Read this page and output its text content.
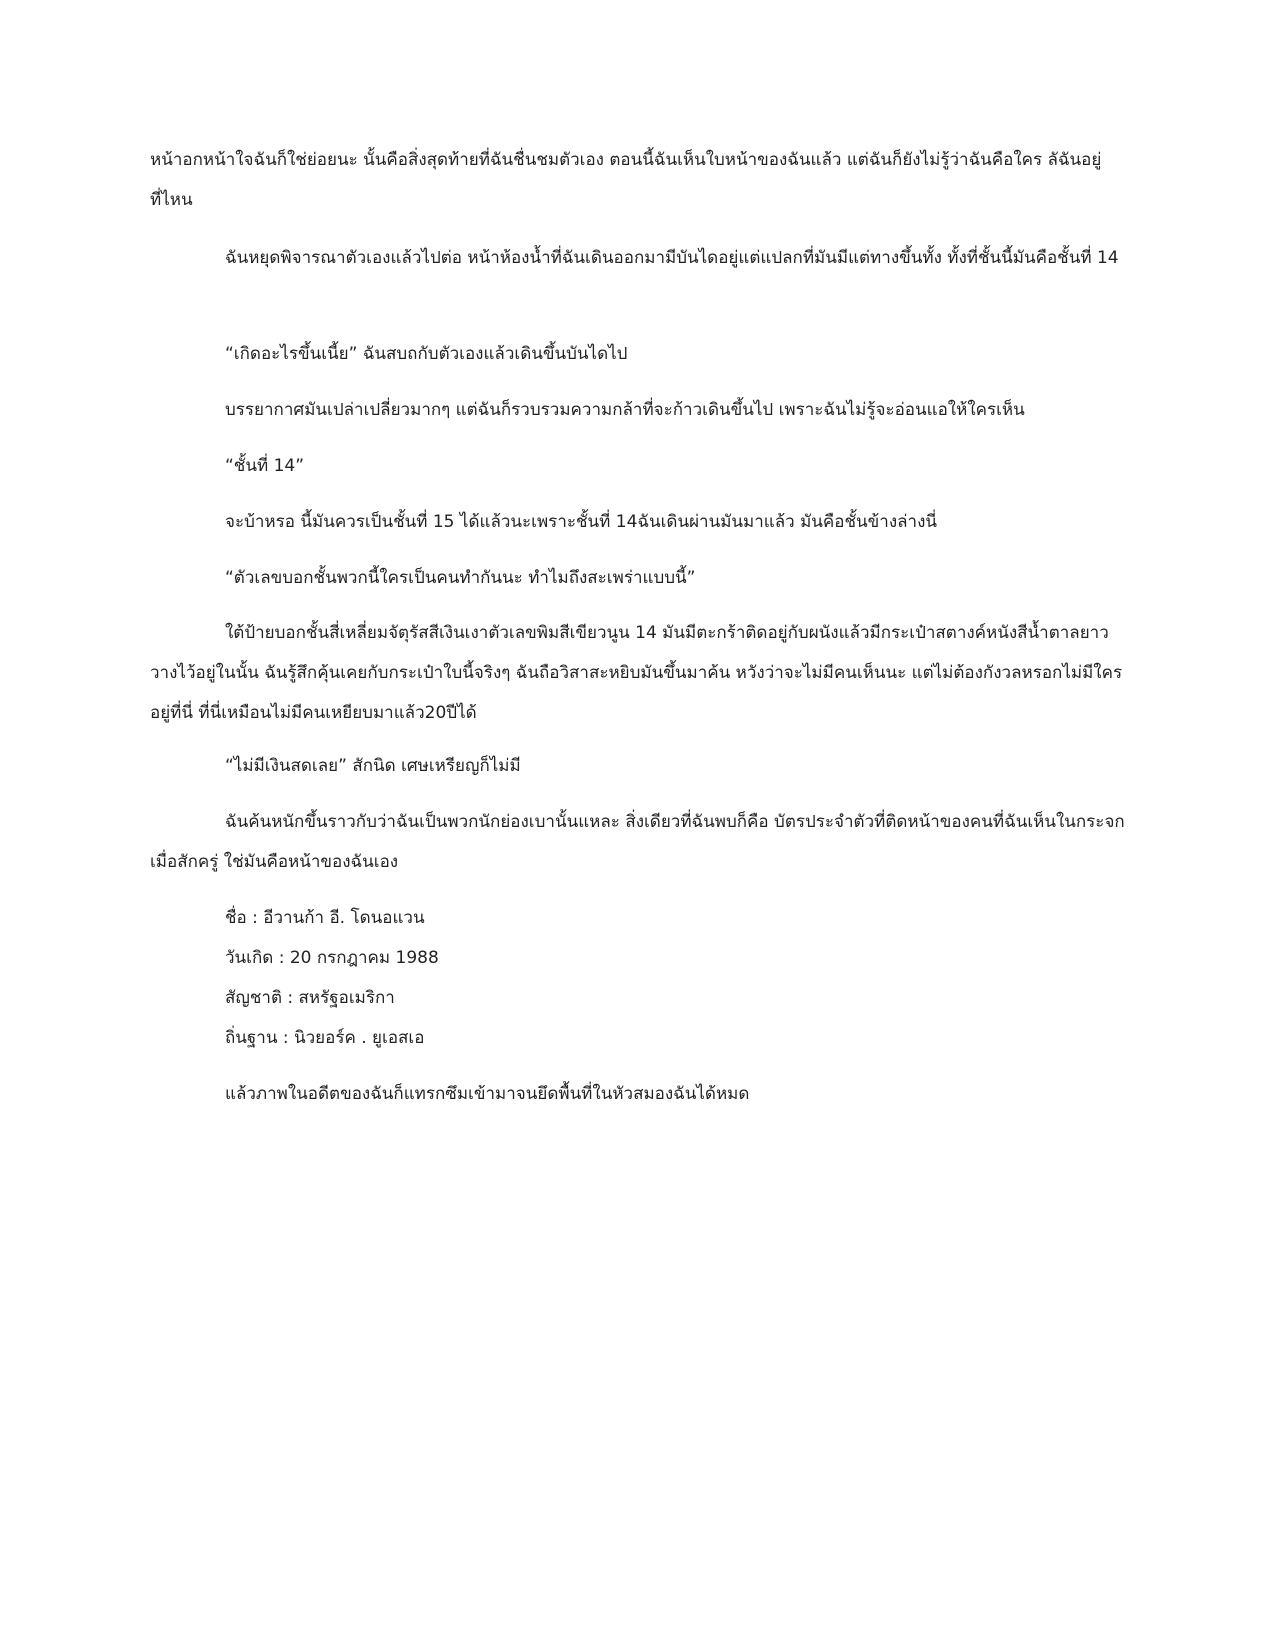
หน้าอกหน้าใจฉันก็ใช่ย่อยนะ นั้นคือสิ่งสุดท้ายที่ฉันชื่นชมตัวเอง ตอนนี้ฉันเห็นใบหน้าของฉันแล้ว แต่ฉันก็ยังไม่รู้ว่าฉันคือใคร ลัฉันอยู่ที่ไหน

ฉันหยุดพิจารณาตัวเองแล้วไปต่อ หน้าห้องน้ำที่ฉันเดินออกมามีบันไดอยู่แต่แปลกที่มันมีแต่ทางขึ้นทั้ง ทั้งที่ชั้นนี้มันคือชั้นที่ 14

“เกิดอะไรขึ้นเนี้ย” ฉันสบถกับตัวเองแล้วเดินขึ้นบันไดไป

บรรยากาศมันเปล่าเปลี่ยวมากๆ แต่ฉันก็รวบรวมความกล้าที่จะก้าวเดินขึ้นไป เพราะฉันไม่รู้จะอ่อนแอให้ใครเห็น

“ชั้นที่ 14”

จะบ้าหรอ นี้มันควรเป็นชั้นที่ 15 ได้แล้วนะเพราะชั้นที่ 14ฉันเดินผ่านมันมาแล้ว มันคือชั้นข้างล่างนี่

“ตัวเลขบอกชั้นพวกนี้ใครเป็นคนทำกันนะ ทำไมถึงสะเพร่าแบบนี้”

ใต้ป้ายบอกชั้นสี่เหลี่ยมจัตุรัสสีเงินเงาตัวเลขพิมสีเขียวนูน 14 มันมีตะกร้าติดอยู่กับผนังแล้วมีกระเป๋าสตางค์หนังสีน้ำตาลยาววางไว้อยู่ในนั้น ฉันรู้สึกคุ้นเคยกับกระเป๋าใบนี้จริงๆ ฉันถือวิสาสะหยิบมันขึ้นมาค้น หวังว่าจะไม่มีคนเห็นนะ แต่ไม่ต้องกังวลหรอกไม่มีใครอยู่ที่นี่ ที่นี่เหมือนไม่มีคนเหยียบมาแล้ว20ปีได้

“ไม่มีเงินสดเลย” สักนิด เศษเหรียญก็ไม่มี

ฉันค้นหนักขึ้นราวกับว่าฉันเป็นพวกนักย่องเบานั้นแหละ สิ่งเดียวที่ฉันพบก็คือ บัตรประจำตัวที่ติดหน้าของคนที่ฉันเห็นในกระจกเมื่อสักครู่ ใช่มันคือหน้าของฉันเอง

ชื่อ : อีวานก้า อี. โดนอแวน

วันเกิด : 20 กรกฎาคม 1988

สัญชาติ : สหรัฐอเมริกา

ถิ่นฐาน : นิวยอร์ค . ยูเอสเอ

แล้วภาพในอดีตของฉันก็แทรกซึมเข้ามาจนยึดพื้นที่ในหัวสมองฉันได้หมด
